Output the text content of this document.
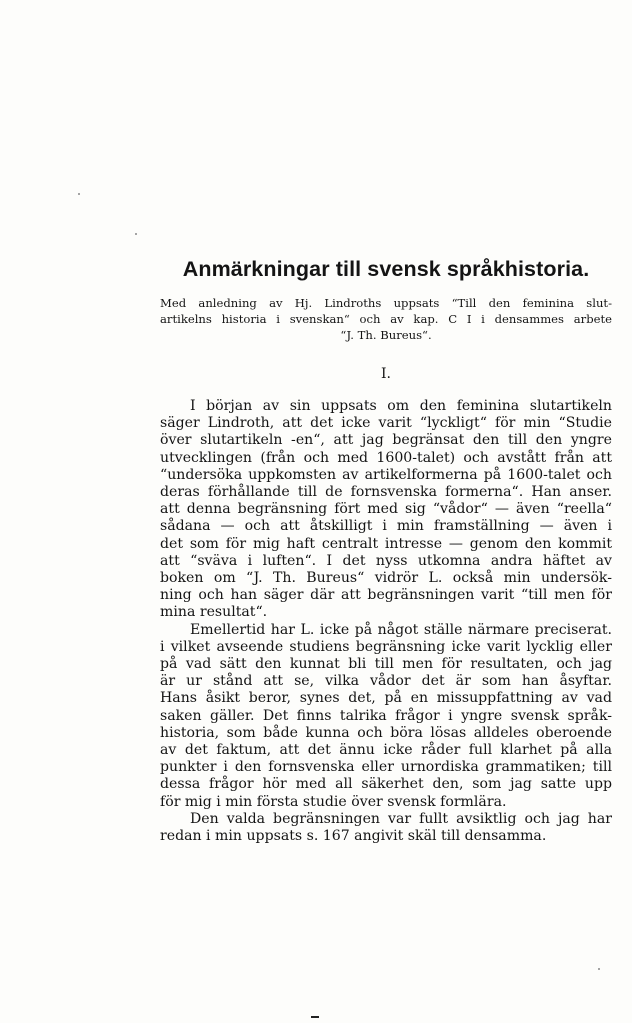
Anmärkningar till svensk språkhistoria.
Med anledning av Hj. Lindroths uppsats “Till den feminina slut-
artikelns historia i svenskan“ och av kap. C I i densammes arbete
“J. Th. Bureus“.
I.
I början av sin uppsats om den feminina slutartikeln
säger Lindroth, att det icke varit “lyckligt“ för min “Studie
över slutartikeln -en“, att jag begränsat den till den yngre
utvecklingen (från och med 1600-talet) och avstått från att
“undersöka uppkomsten av artikelformerna på 1600-talet och
deras förhållande till de fornsvenska formerna“. Han anser.
att denna begränsning fört med sig “vådor“ — även “reella“
sådana — och att åtskilligt i min framställning — även i
det som för mig haft centralt intresse — genom den kommit
att “sväva i luften“. I det nyss utkomna andra häftet av
boken om “J. Th. Bureus“ vidrör L. också min undersök-
ning och han säger där att begränsningen varit “till men för
mina resultat“.
Emellertid har L. icke på något ställe närmare preciserat.
i vilket avseende studiens begränsning icke varit lycklig eller
på vad sätt den kunnat bli till men för resultaten, och jag
är ur stånd att se, vilka vådor det är som han åsyftar.
Hans åsikt beror, synes det, på en missuppfattning av vad
saken gäller. Det finns talrika frågor i yngre svensk språk-
historia, som både kunna och böra lösas alldeles oberoende
av det faktum, att det ännu icke råder full klarhet på alla
punkter i den fornsvenska eller urnordiska grammatiken; till
dessa frågor hör med all säkerhet den, som jag satte upp
för mig i min första studie över svensk formlära.
Den valda begränsningen var fullt avsiktlig och jag har
redan i min uppsats s. 167 angivit skäl till densamma.
